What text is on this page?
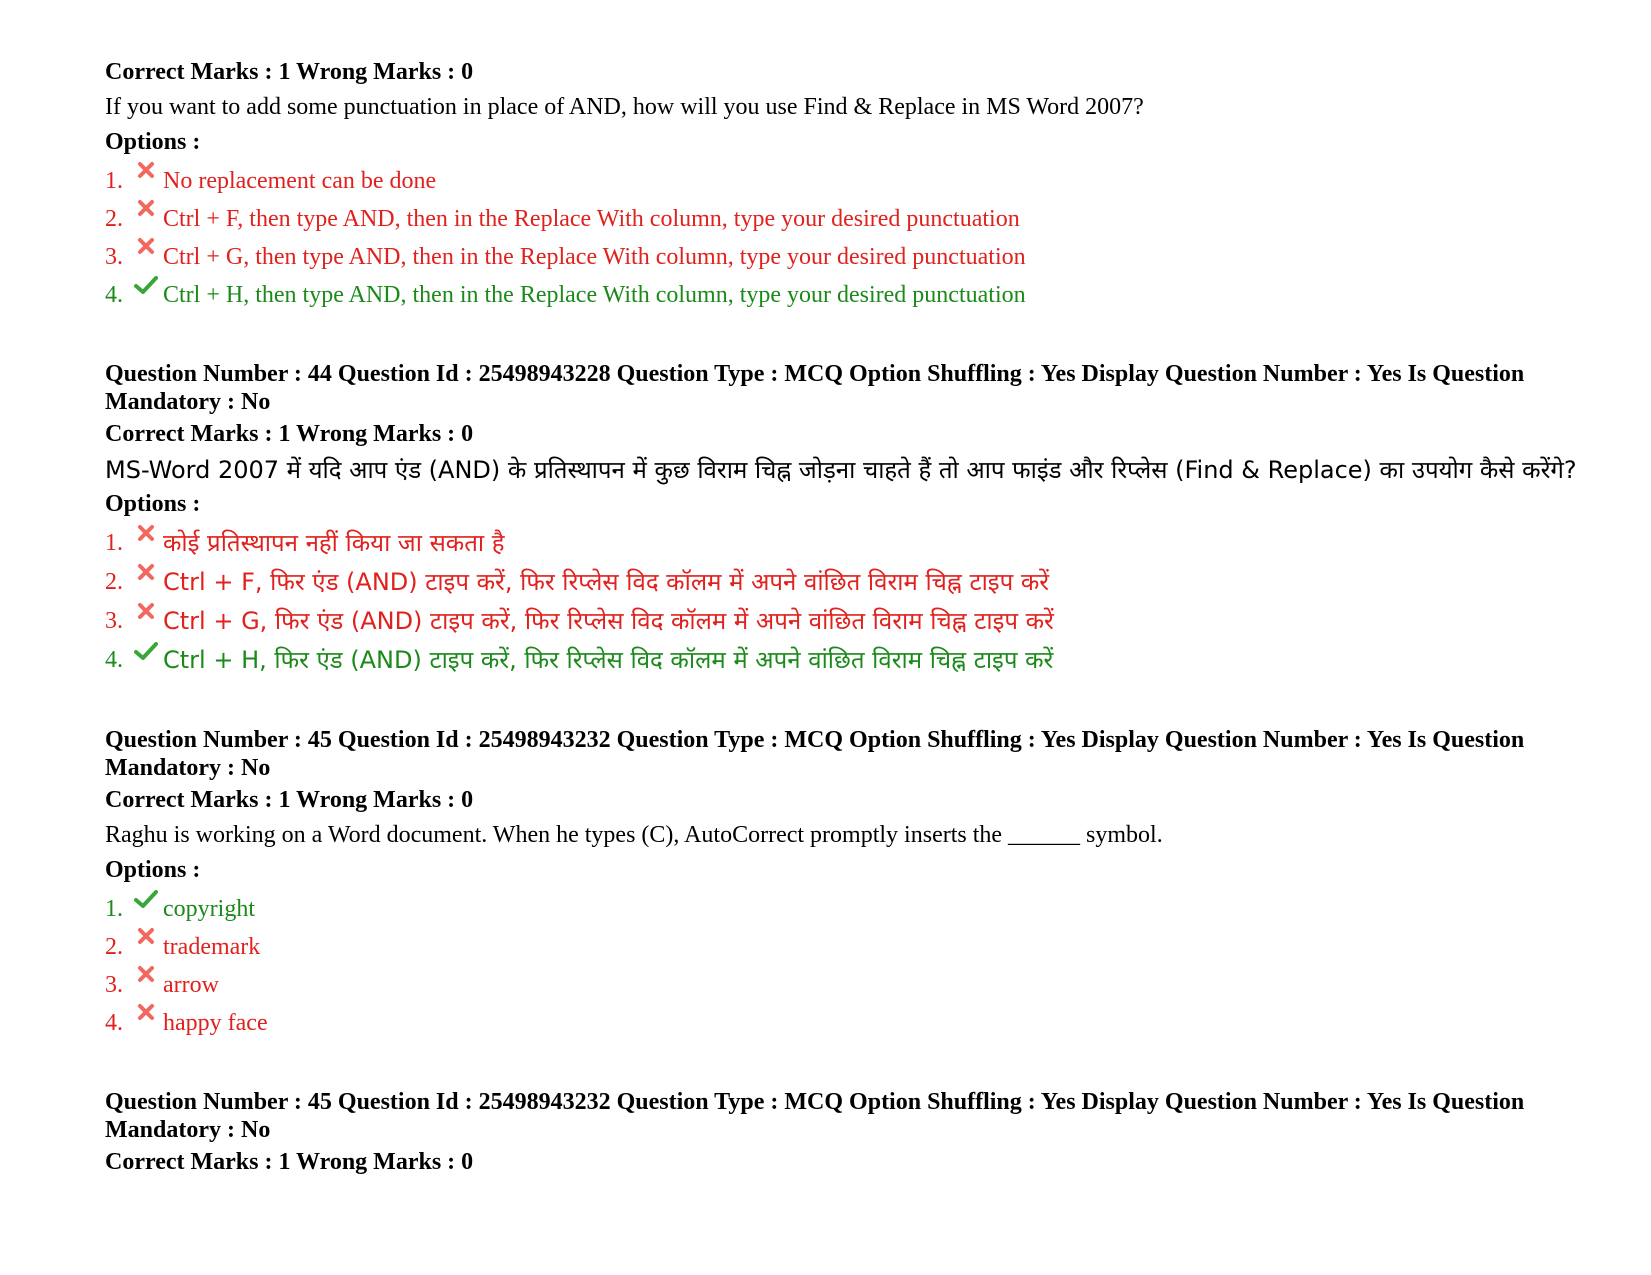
Correct Marks : 1 Wrong Marks : 0
If you want to add some punctuation in place of AND, how will you use Find & Replace in MS Word 2007?
Options :
1.	No replacement can be done
2.	Ctrl + F, then type AND, then in the Replace With column, type your desired punctuation
3.	Ctrl + G, then type AND, then in the Replace With column, type your desired punctuation
4.	Ctrl + H, then type AND, then in the Replace With column, type your desired punctuation
Question Number : 44 Question Id : 25498943228 Question Type : MCQ Option Shuffling : Yes Display Question Number : Yes Is Question Mandatory : No
Correct Marks : 1 Wrong Marks : 0
MS-Word 2007 में यदि आप एंड (AND) के प्रतिस्थापन में कुछ विराम चिह्न जोड़ना चाहते हैं तो आप फाइंड और रिप्लेस (Find & Replace) का उपयोग कैसे करेंगे?
Options :
1.	कोई प्रतिस्थापन नहीं किया जा सकता है
2.	Ctrl + F, फिर एंड (AND) टाइप करें, फिर रिप्लेस विद कॉलम में अपने वांछित विराम चिह्न टाइप करें
3.	Ctrl + G, फिर एंड (AND) टाइप करें, फिर रिप्लेस विद कॉलम में अपने वांछित विराम चिह्न टाइप करें
4.	Ctrl + H, फिर एंड (AND) टाइप करें, फिर रिप्लेस विद कॉलम में अपने वांछित विराम चिह्न टाइप करें
Question Number : 45 Question Id : 25498943232 Question Type : MCQ Option Shuffling : Yes Display Question Number : Yes Is Question Mandatory : No
Correct Marks : 1 Wrong Marks : 0
Raghu is working on a Word document. When he types (C), AutoCorrect promptly inserts the ______ symbol.
Options :
1.	copyright
2.	trademark
3.	arrow
4.	happy face
Question Number : 45 Question Id : 25498943232 Question Type : MCQ Option Shuffling : Yes Display Question Number : Yes Is Question Mandatory : No
Correct Marks : 1 Wrong Marks : 0
